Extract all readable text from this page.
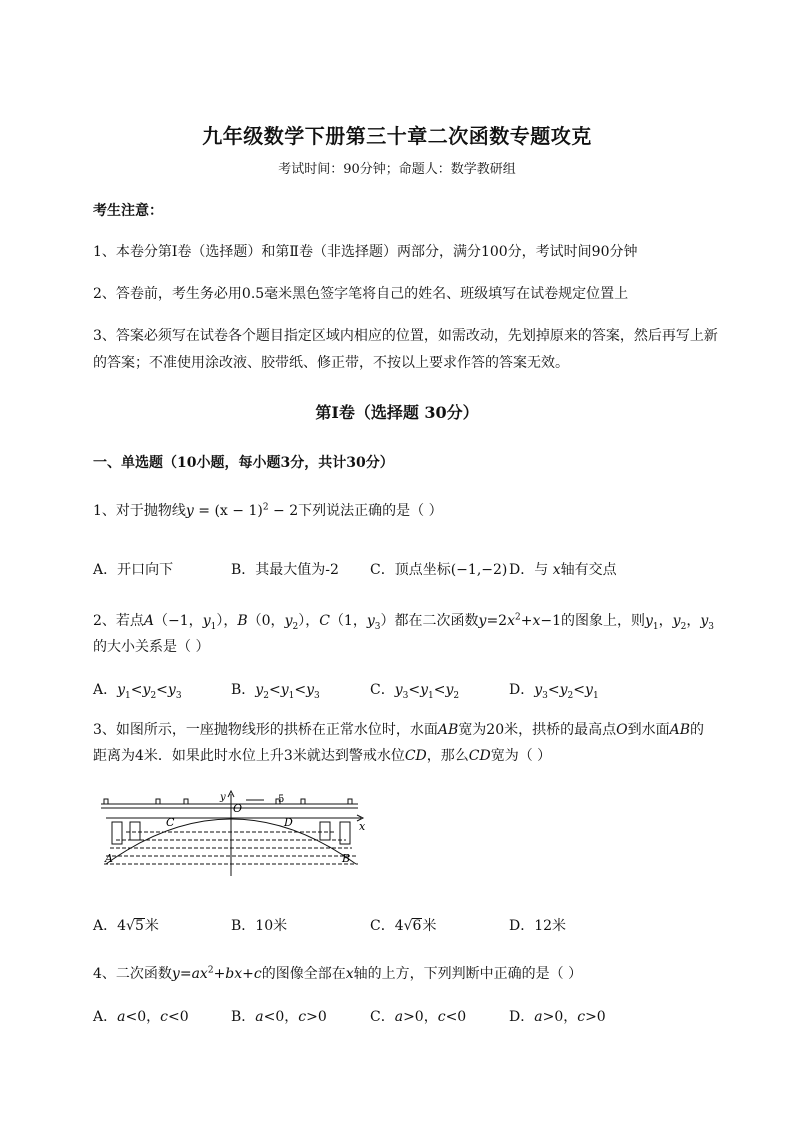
九年级数学下册第三十章二次函数专题攻克
考试时间：90分钟；命题人：数学教研组
考生注意：
1、本卷分第I卷（选择题）和第Ⅱ卷（非选择题）两部分，满分100分，考试时间90分钟
2、答卷前，考生务必用0.5毫米黑色签字笔将自己的姓名、班级填写在试卷规定位置上
3、答案必须写在试卷各个题目指定区域内相应的位置，如需改动，先划掉原来的答案，然后再写上新
的答案；不准使用涂改液、胶带纸、修正带，不按以上要求作答的答案无效。
第I卷（选择题 30分）
一、单选题（10小题，每小题3分，共计30分）
1、对于抛物线$y = (x - 1)^2 - 2$下列说法正确的是（ ）
A．开口向下	B．其最大值为-2 C．顶点坐标(−1,−2) D．与 x轴有交点
2、若点A（−1，$y_1$），B（0，$y_2$），C（1，$y_3$）都在二次函数$y=2x^2+x-1$的图象上，则$y_1$，$y_2$，$y_3$
的大小关系是（ ）
A．$y_1<y_2<y_3$	B．$y_2<y_1<y_3$	C．$y_3<y_1<y_2$	D．$y_3<y_2<y_1$
3、如图所示，一座抛物线形的拱桥在正常水位时，水面AB宽为20米，拱桥的最高点O到水面AB的
距离为4米．如果此时水位上升3米就达到警戒水位CD，那么CD宽为（ ）
y
x
O
C	D
A	B
5
A．4√5米	B．10米	C．4√6米	D．12米
4、二次函数$y=ax^2+bx+c$的图像全部在x轴的上方，下列判断中正确的是（ ）
A．a<0，c<0	B．a<0，c>0	C．a>0，c<0	D．a>0，c>0
